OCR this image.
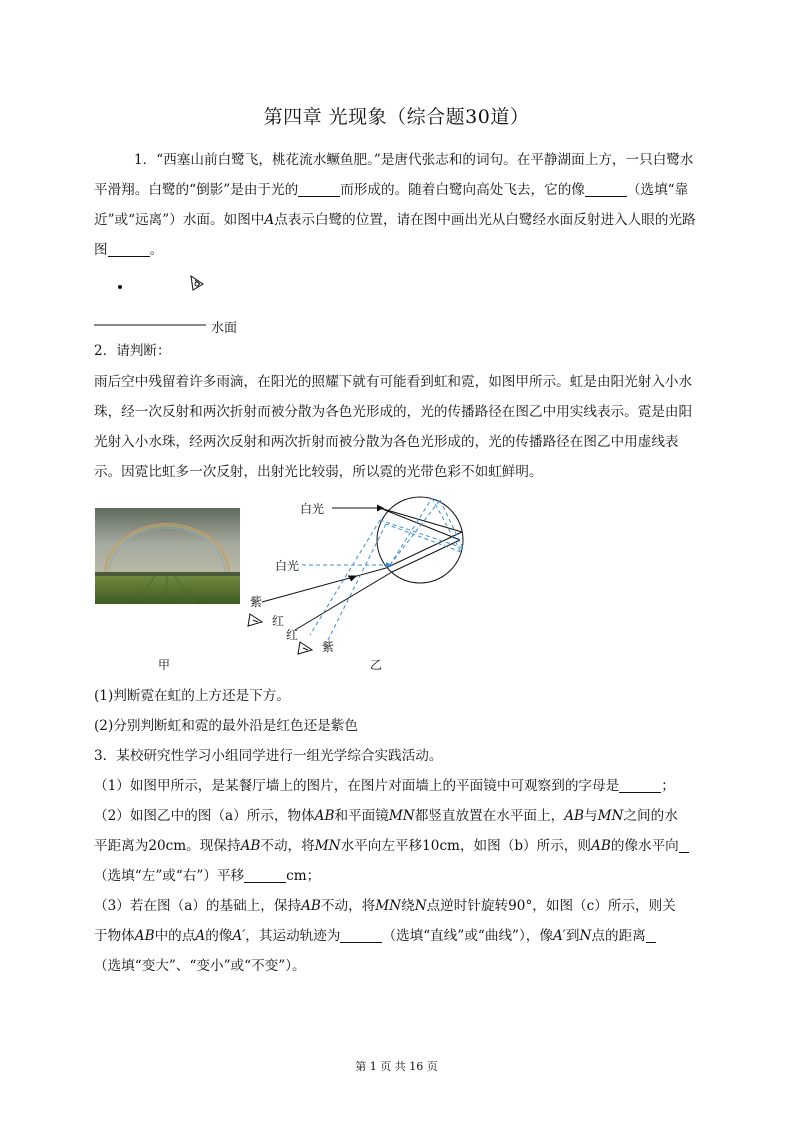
第四章 光现象（综合题30道）
1．“西塞山前白鹭飞，桃花流水鳜鱼肥。”是唐代张志和的词句。在平静湖面上方，一只白鹭水平滑翔。白鹭的“倒影”是由于光的	而形成的。随着白鹭向高处飞去，它的像	（选填“靠近”或“远离”）水面。如图中A点表示白鹭的位置，请在图中画出光从白鹭经水面反射进入人眼的光路图	。
水面
2．请判断：
雨后空中残留着许多雨滴，在阳光的照耀下就有可能看到虹和霓，如图甲所示。虹是由阳光射入小水珠，经一次反射和两次折射而被分散为各色光形成的，光的传播路径在图乙中用实线表示。霓是由阳光射入小水珠，经两次反射和两次折射而被分散为各色光形成的，光的传播路径在图乙中用虚线表示。因霓比虹多一次反射，出射光比较弱，所以霓的光带色彩不如虹鲜明。
甲
白光
白光
紫
红
红
紫
乙
(1)判断霓在虹的上方还是下方。
(2)分别判断虹和霓的最外沿是红色还是紫色
3．某校研究性学习小组同学进行一组光学综合实践活动。
（1）如图甲所示，是某餐厅墙上的图片，在图片对面墙上的平面镜中可观察到的字母是	；
（2）如图乙中的图（a）所示，物体AB和平面镜MN都竖直放置在水平面上，AB与MN之间的水
平距离为20cm。现保持AB不动，将MN水平向左平移10cm，如图（b）所示，则AB的像水平向
（选填“左”或“右”）平移	cm；
（3）若在图（a）的基础上，保持AB不动，将MN绕N点逆时针旋转90°，如图（c）所示，则关
于物体AB中的点A的像A′，其运动轨迹为	（选填“直线”或“曲线”），像A′到N点的距离
（选填“变大”、“变小”或“不变”）。
第 1 页 共 16 页
